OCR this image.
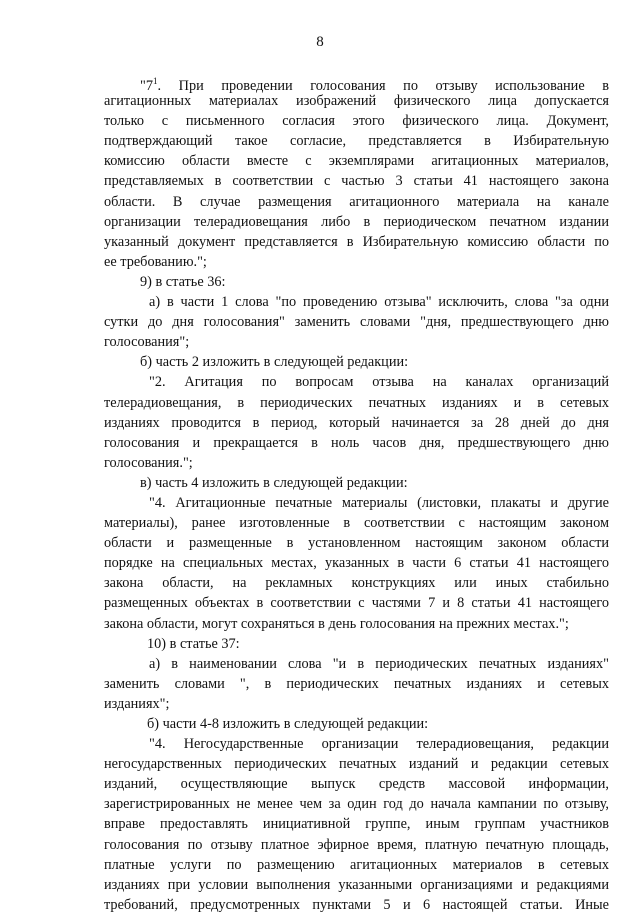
8
"$7^1$. При проведении голосования по отзыву использование в
агитационных материалах изображений физического лица допускается
только с письменного согласия этого физического лица. Документ,
подтверждающий такое согласие, представляется в Избирательную
комиссию области вместе с экземплярами агитационных материалов,
представляемых в соответствии с частью 3 статьи 41 настоящего закона
области. В случае размещения агитационного материала на канале
организации телерадиовещания либо в периодическом печатном издании
указанный документ представляется в Избирательную комиссию области по
ее требованию.";
9) в статье 36:
а) в части 1 слова "по проведению отзыва" исключить, слова "за одни
сутки до дня голосования" заменить словами "дня, предшествующего дню
голосования";
б) часть 2 изложить в следующей редакции:
"2. Агитация по вопросам отзыва на каналах организаций
телерадиовещания, в периодических печатных изданиях и в сетевых
изданиях проводится в период, который начинается за 28 дней до дня
голосования и прекращается в ноль часов дня, предшествующего дню
голосования.";
в) часть 4 изложить в следующей редакции:
"4. Агитационные печатные материалы (листовки, плакаты и другие
материалы), ранее изготовленные в соответствии с настоящим законом
области и размещенные в установленном настоящим законом области
порядке на специальных местах, указанных в части 6 статьи 41 настоящего
закона области, на рекламных конструкциях или иных стабильно
размещенных объектах в соответствии с частями 7 и 8 статьи 41 настоящего
закона области, могут сохраняться в день голосования на прежних местах.";
10) в статье 37:
а) в наименовании слова "и в периодических печатных изданиях"
заменить словами ", в периодических печатных изданиях и сетевых
изданиях";
б) части 4-8 изложить в следующей редакции:
"4. Негосударственные организации телерадиовещания, редакции
негосударственных периодических печатных изданий и редакции сетевых
изданий, осуществляющие выпуск средств массовой информации,
зарегистрированных не менее чем за один год до начала кампании по отзыву,
вправе предоставлять инициативной группе, иным группам участников
голосования по отзыву платное эфирное время, платную печатную площадь,
платные услуги по размещению агитационных материалов в сетевых
изданиях при условии выполнения указанными организациями и редакциями
требований, предусмотренных пунктами 5 и 6 настоящей статьи. Иные
